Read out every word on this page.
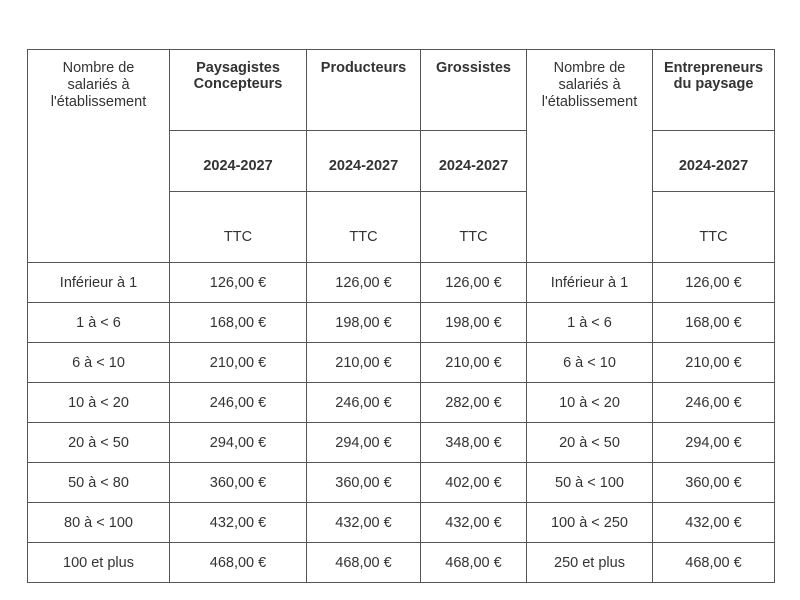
Nombre de
salariés à
l'établissement	Paysagistes
Concepteurs	Producteurs	Grossistes	Nombre de
salariés à
l'établissement	Entrepreneurs
du paysage
	2024-2027	2024-2027	2024-2027		2024-2027
	TTC	TTC	TTC		TTC
Inférieur à 1	126,00 €	126,00 €	126,00 €	Inférieur à 1	126,00 €
1 à < 6	168,00 €	198,00 €	198,00 €	1 à < 6	168,00 €
6 à < 10	210,00 €	210,00 €	210,00 €	6 à < 10	210,00 €
10 à < 20	246,00 €	246,00 €	282,00 €	10 à < 20	246,00 €
20 à < 50	294,00 €	294,00 €	348,00 €	20 à < 50	294,00 €
50 à < 80	360,00 €	360,00 €	402,00 €	50 à < 100	360,00 €
80 à < 100	432,00 €	432,00 €	432,00 €	100 à < 250	432,00 €
100 et plus	468,00 €	468,00 €	468,00 €	250 et plus	468,00 €
